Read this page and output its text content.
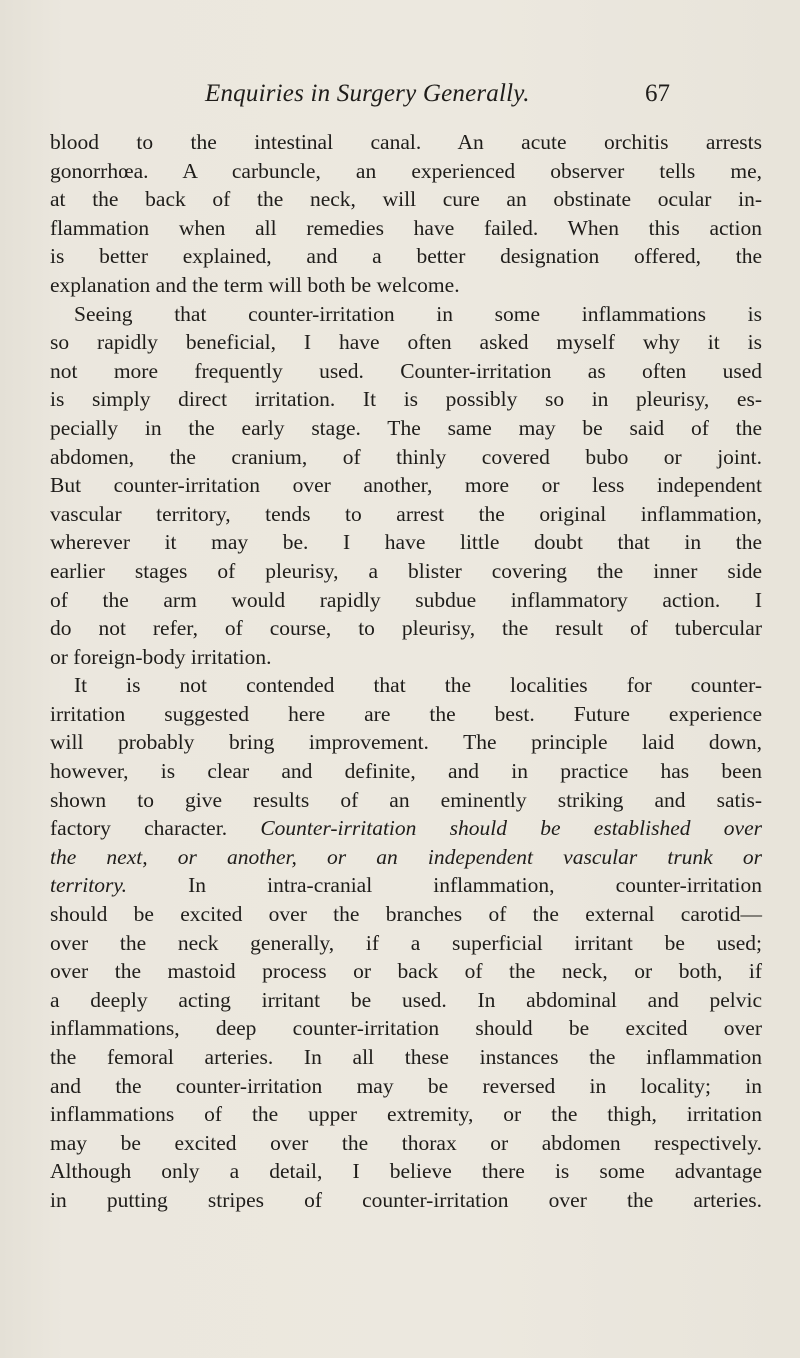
Enquiries in Surgery Generally.	67
blood to the intestinal canal. An acute orchitis arrests
gonorrhœa. A carbuncle, an experienced observer tells me,
at the back of the neck, will cure an obstinate ocular in-
flammation when all remedies have failed. When this action
is better explained, and a better designation offered, the
explanation and the term will both be welcome.
Seeing that counter-irritation in some inflammations is
so rapidly beneficial, I have often asked myself why it is
not more frequently used. Counter-irritation as often used
is simply direct irritation. It is possibly so in pleurisy, es-
pecially in the early stage. The same may be said of the
abdomen, the cranium, of thinly covered bubo or joint.
But counter-irritation over another, more or less independent
vascular territory, tends to arrest the original inflammation,
wherever it may be. I have little doubt that in the
earlier stages of pleurisy, a blister covering the inner side
of the arm would rapidly subdue inflammatory action. I
do not refer, of course, to pleurisy, the result of tubercular
or foreign-body irritation.
It is not contended that the localities for counter-
irritation suggested here are the best. Future experience
will probably bring improvement. The principle laid down,
however, is clear and definite, and in practice has been
shown to give results of an eminently striking and satis-
factory character. Counter-irritation should be established over
the next, or another, or an independent vascular trunk or
territory. In intra-cranial inflammation, counter-irritation
should be excited over the branches of the external carotid—
over the neck generally, if a superficial irritant be used;
over the mastoid process or back of the neck, or both, if
a deeply acting irritant be used. In abdominal and pelvic
inflammations, deep counter-irritation should be excited over
the femoral arteries. In all these instances the inflammation
and the counter-irritation may be reversed in locality; in
inflammations of the upper extremity, or the thigh, irritation
may be excited over the thorax or abdomen respectively.
Although only a detail, I believe there is some advantage
in putting stripes of counter-irritation over the arteries.
